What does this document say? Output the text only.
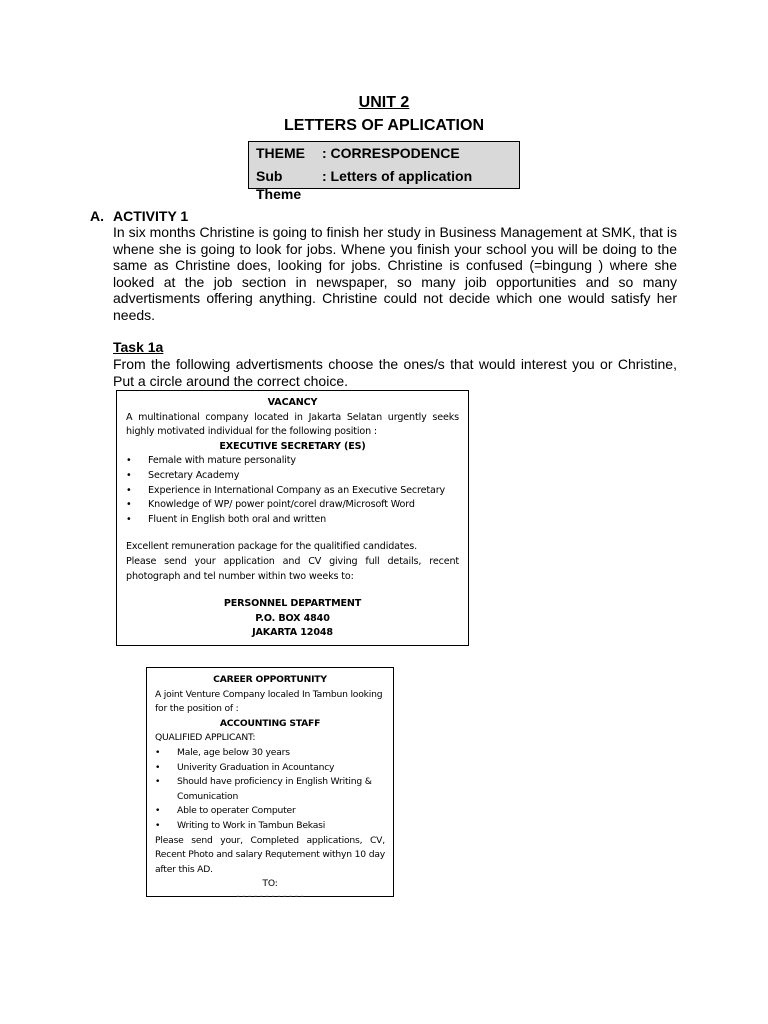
UNIT 2
LETTERS OF APLICATION
THEME : CORRESPODENCE
Sub Theme
: Letters of application
A. ACTIVITY 1
In six months Christine is going to finish her study in Business Management at SMK, that is whene she is going to look for jobs. Whene you finish your school you will be doing to the same as Christine does, looking for jobs. Christine is confused (=bingung ) where she looked at the job section in newspaper, so many joib opportunities and so many advertisments offering anything. Christine could not decide which one would satisfy her needs.
Task 1a
From the following advertisments choose the ones/s that would interest you or Christine, Put a circle around the correct choice.
VACANCY
A multinational company located in Jakarta Selatan urgently seeks highly motivated individual for the following position :
EXECUTIVE SECRETARY (ES)
• Female with mature personality
• Secretary Academy
• Experience in International Company as an Executive Secretary
• Knowledge of WP/ power point/corel draw/Microsoft Word
• Fluent in English both oral and written
Excellent remuneration package for the qualitified candidates.
Please send your application and CV giving full details, recent photograph and tel number within two weeks to:
PERSONNEL DEPARTMENT
P.O. BOX 4840
JAKARTA 12048
CAREER OPPORTUNITY
A joint Venture Company localed In Tambun looking for the position of :
ACCOUNTING STAFF
QUALIFIED APPLICANT:
• Male, age below 30 years
• Univerity Graduation in Acountancy
• Should have proficiency in English Writing & Comunication
• Able to operater Computer
• Writing to Work in Tambun Bekasi
Please send your, Completed applications, CV, Recent Photo and salary Requtement withyn 10 day after this AD.
TO:
- - - - - - - - - - - -
